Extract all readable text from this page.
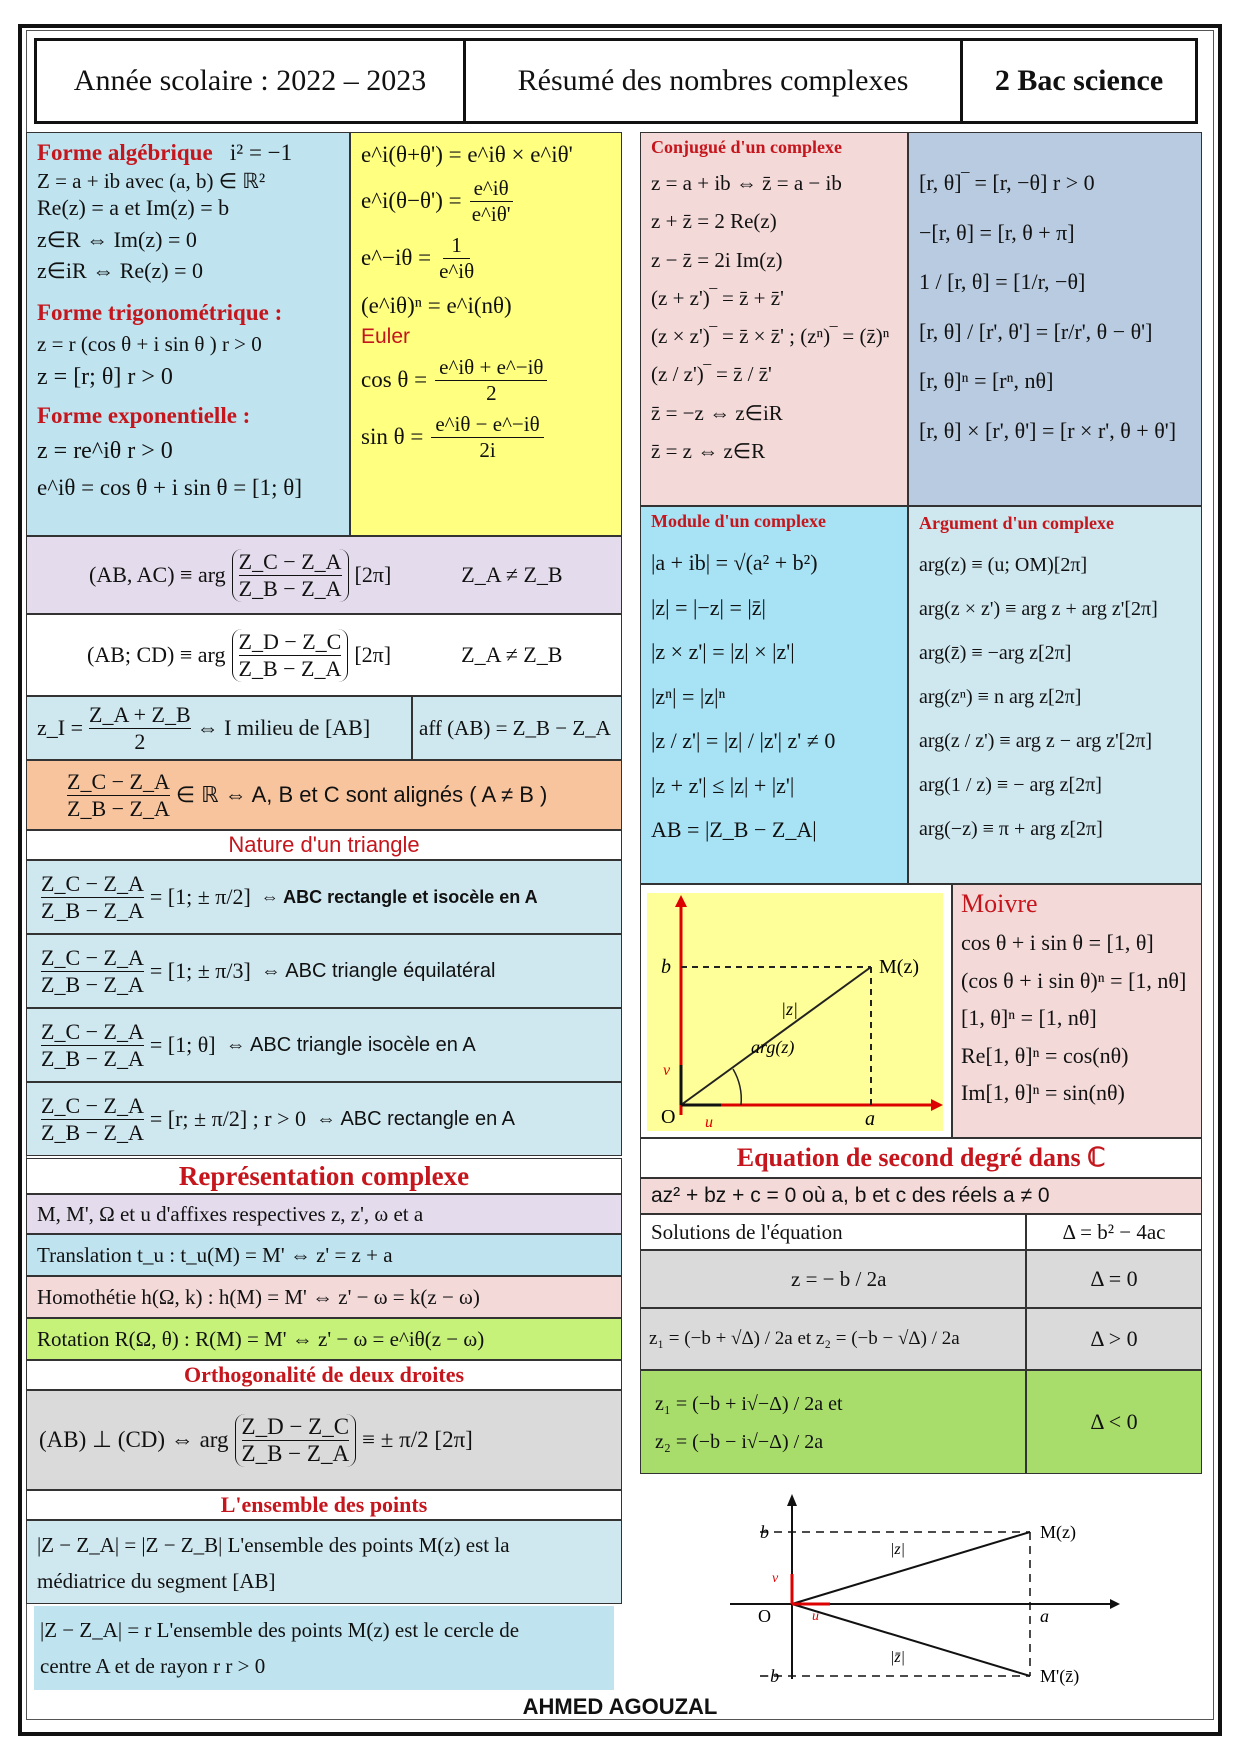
Année scolaire : 2022 – 2023	Résumé des nombres complexes	2 Bac science
Forme algébrique i² = −1
Z = a + ib avec (a, b) ∈ ℝ²
Re(z) = a et Im(z) = b
z∈R ⇔ Im(z) = 0
z∈iR ⇔ Re(z) = 0
Forme trigonométrique :
z = r (cos θ + i sin θ ) r > 0
z = [r; θ] r > 0
Forme exponentielle :
z = re^iθ r > 0
e^iθ = cos θ + i sin θ = [1; θ]
e^i(θ+θ') = e^iθ × e^iθ'
e^i(θ−θ') = $\frac{e\^{}i\theta}{e\^{}i\theta'}$
e^−iθ = $\frac{1}{e\^{}i\theta}$
(e^iθ)ⁿ = e^i(nθ)
Euler
$\cos \theta = \frac{e\^{}i\theta + e\^{}-i\theta}{2}$
$\sin \theta = \frac{e\^{}i\theta - e\^{}-i\theta}{2i}$
(AB, AC) ≡ arg $\frac{Z\_C - Z\_A}{Z\_B - Z\_A} [2\pi]$	Z_A ≠ Z_B
(AB; CD) ≡ arg $\frac{Z\_D - Z\_C}{Z\_B - Z\_A} [2\pi]$	Z_A ≠ Z_B
z_I = $\frac{Z\_A + Z\_B}{2}$ ⇔ I milieu de [AB] aff (AB) = Z_B − Z_A
$\frac{Z\_C - Z\_A}{Z\_B - Z\_A}$ ∈ ℝ ⇔ A, B et C sont alignés ( A ≠ B )
Nature d'un triangle
$\frac{Z\_C - Z\_A}{Z\_B - Z\_A} = [1$; ± π/2] ⇔ ABC rectangle et isocèle en A
$\frac{Z\_C - Z\_A}{Z\_B - Z\_A} = [1$; ± π/3] ⇔ ABC triangle équilatéral
$\frac{Z\_C - Z\_A}{Z\_B - Z\_A} = [1$; θ] ⇔ ABC triangle isocèle en A
$\frac{Z\_C - Z\_A}{Z\_B - Z\_A} = [r$; ± π/2] ; r > 0 ⇔ ABC rectangle en A
Représentation complexe
M, M', Ω et u d'affixes respectives z, z', ω et a
Translation t_u : t_u(M) = M' ⇔ z' = z + a
Homothétie h(Ω, k) : h(M) = M' ⇔ z' − ω = k(z − ω)
Rotation R(Ω, θ) : R(M) = M' ⇔ z' − ω = e^iθ(z − ω)
Orthogonalité de deux droites
(AB) ⊥ (CD) ⇔ arg $\frac{Z\_D - Z\_C}{Z\_B - Z\_A}$ ≡ ± π/2 [2π]
L'ensemble des points
|Z − Z_A| = |Z − Z_B| L'ensemble des points M(z) est la
médiatrice du segment [AB]
|Z − Z_A| = r L'ensemble des points M(z) est le cercle de
centre A et de rayon r r > 0
Conjugué d'un complexe
z = a + ib ⇔ z̄ = a − ib
z + z̄ = 2 Re(z)
z − z̄ = 2i Im(z)
(z + z')‾ = z̄ + z̄'
(z × z')‾ = z̄ × z̄' ; (zⁿ)‾ = (z̄)ⁿ
(z / z')‾ = z̄ / z̄'
z̄ = −z ⇔ z∈iR
z̄ = z ⇔ z∈R
[r, θ]‾ = [r, −θ] r > 0
−[r, θ] = [r, θ + π]
1 / [r, θ] = [1/r, −θ]
[r, θ] / [r', θ'] = [r/r', θ − θ']
[r, θ]ⁿ = [rⁿ, nθ]
[r, θ] × [r', θ'] = [r × r', θ + θ']
Module d'un complexe
|a + ib| = √(a² + b²)
|z| = |−z| = |z̄|
|z × z'| = |z| × |z'|
|zⁿ| = |z|ⁿ
|z / z'| = |z| / |z'| z' ≠ 0
|z + z'| ≤ |z| + |z'|
AB = |Z_B − Z_A|
Argument d'un complexe
arg(z) ≡ (u; OM)[2π]
arg(z × z') ≡ arg z + arg z'[2π]
arg(z̄) ≡ −arg z[2π]
arg(zⁿ) ≡ n arg z[2π]
arg(z / z') ≡ arg z − arg z'[2π]
arg(1 / z) ≡ − arg z[2π]
arg(−z) ≡ π + arg z[2π]
b
O	a
M(z)
|z|
arg(z)
v
u
Moivre
cos θ + i sin θ = [1, θ]
(cos θ + i sin θ)ⁿ = [1, nθ]
[1, θ]ⁿ = [1, nθ]
Re[1, θ]ⁿ = cos(nθ)
Im[1, θ]ⁿ = sin(nθ)
Equation de second degré dans ℂ
az² + bz + c = 0 où a, b et c des réels a ≠ 0
Solutions de l'équation	Δ = b² − 4ac
z = − b / 2a	Δ = 0
z₁ = (−b + √Δ) / 2a et z₂ = (−b − √Δ) / 2a	Δ > 0
z₁ = (−b + i√−Δ) / 2a et
z₂ = (−b − i√−Δ) / 2a
Δ < 0
b
−b
O	a
M(z)
M'(z̄)
|z|
|z̄|
v
u
AHMED AGOUZAL
